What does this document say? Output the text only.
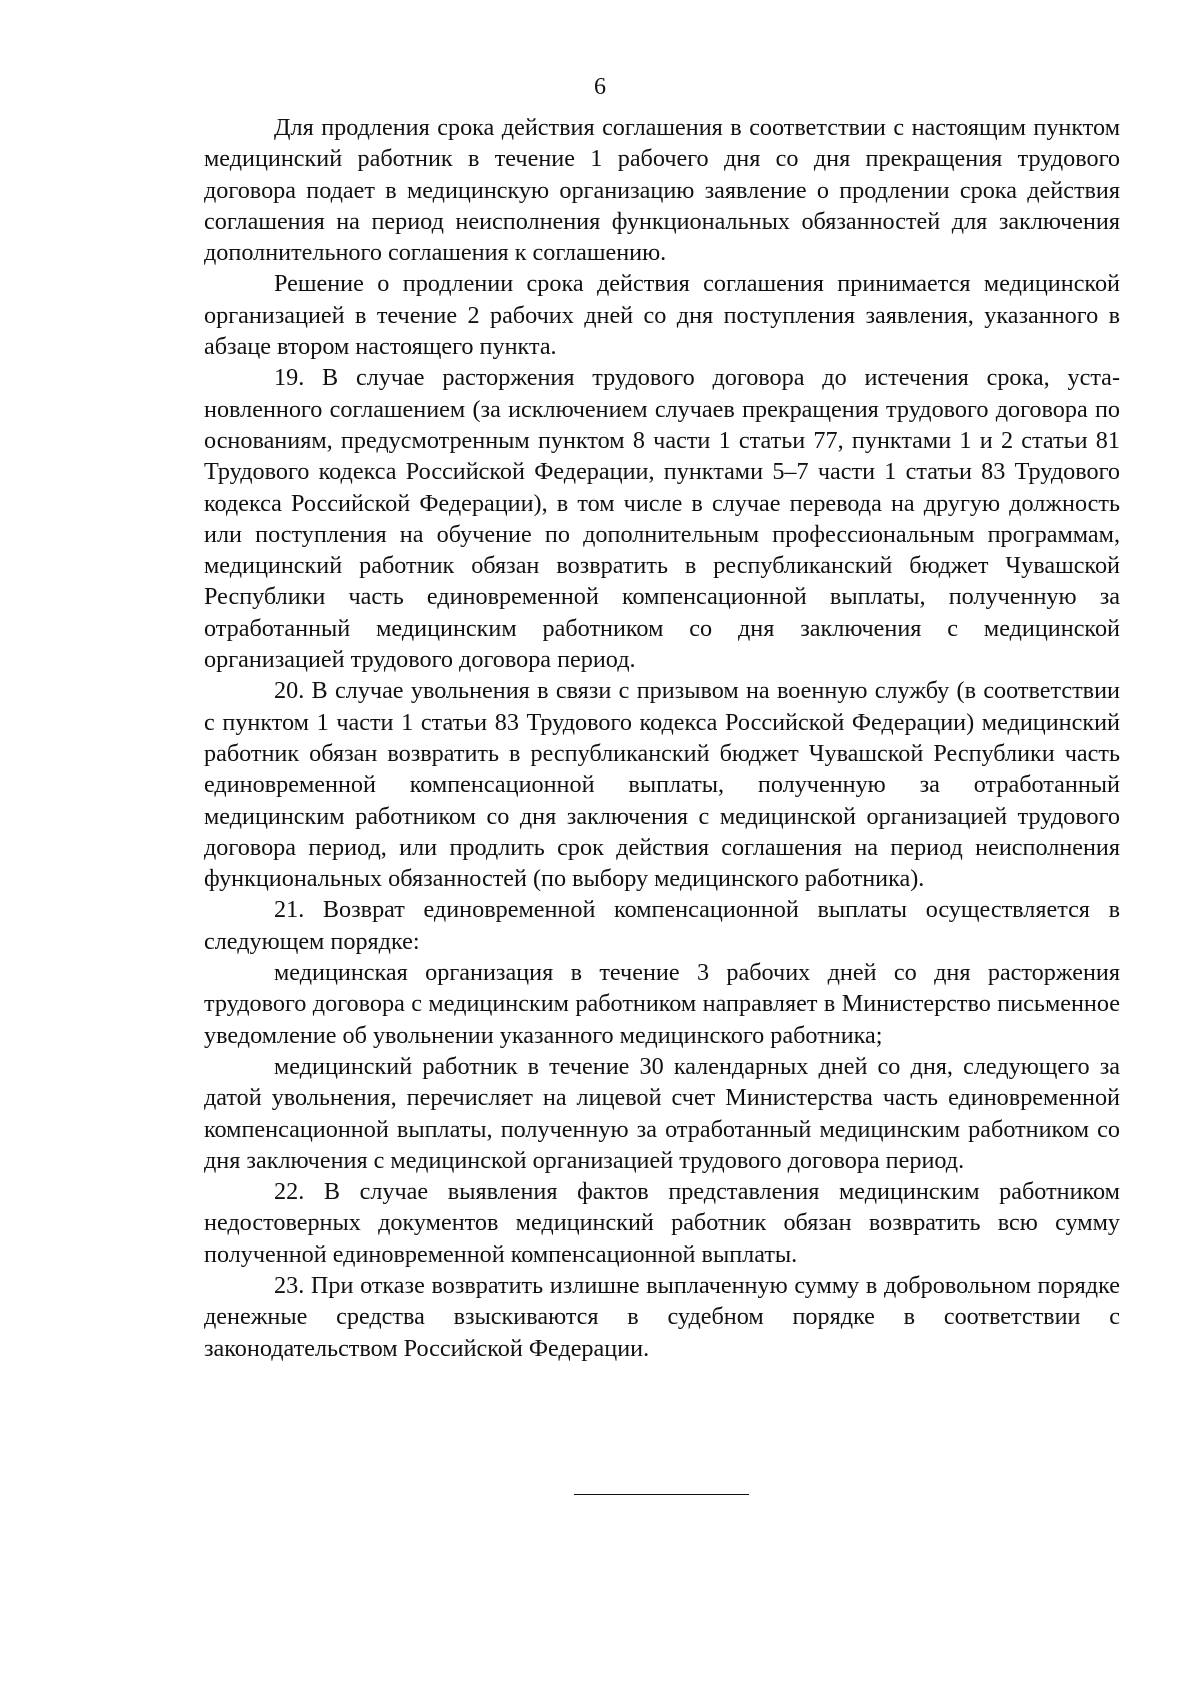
6

Для продления срока действия соглашения в соответствии с настоящим пунктом медицинский работник в течение 1 рабочего дня со дня прекращения трудового договора подает в медицинскую организацию заявление о продлении срока действия соглашения на период неисполнения функциональных обязанностей для заключения дополнительного соглашения к соглашению.

Решение о продлении срока действия соглашения принимается медицинской организацией в течение 2 рабочих дней со дня поступления заявления, указанного в абзаце втором настоящего пункта.

19. В случае расторжения трудового договора до истечения срока, установленного соглашением (за исключением случаев прекращения трудового договора по основаниям, предусмотренным пунктом 8 части 1 статьи 77, пунктами 1 и 2 статьи 81 Трудового кодекса Российской Федерации, пунктами 5–7 части 1 статьи 83 Трудового кодекса Российской Федерации), в том числе в случае перевода на другую должность или поступления на обучение по дополнительным профессиональным программам, медицинский работник обязан возвратить в республиканский бюджет Чувашской Республики часть единовременной компенсационной выплаты, полученную за отработанный медицинским работником со дня заключения с медицинской организацией трудового договора период.

20. В случае увольнения в связи с призывом на военную службу (в соответствии с пунктом 1 части 1 статьи 83 Трудового кодекса Российской Федерации) медицинский работник обязан возвратить в республиканский бюджет Чувашской Республики часть единовременной компенсационной выплаты, полученную за отработанный медицинским работником со дня заключения с медицинской организацией трудового договора период, или продлить срок действия соглашения на период неисполнения функциональных обязанностей (по выбору медицинского работника).

21. Возврат единовременной компенсационной выплаты осуществляется в следующем порядке:

медицинская организация в течение 3 рабочих дней со дня расторжения трудового договора с медицинским работником направляет в Министерство письменное уведомление об увольнении указанного медицинского работника;

медицинский работник в течение 30 календарных дней со дня, следующего за датой увольнения, перечисляет на лицевой счет Министерства часть единовременной компенсационной выплаты, полученную за отработанный медицинским работником со дня заключения с медицинской организацией трудового договора период.

22. В случае выявления фактов представления медицинским работником недостоверных документов медицинский работник обязан возвратить всю сумму полученной единовременной компенсационной выплаты.

23. При отказе возвратить излишне выплаченную сумму в добровольном порядке денежные средства взыскиваются в судебном порядке в соответствии с законодательством Российской Федерации.
